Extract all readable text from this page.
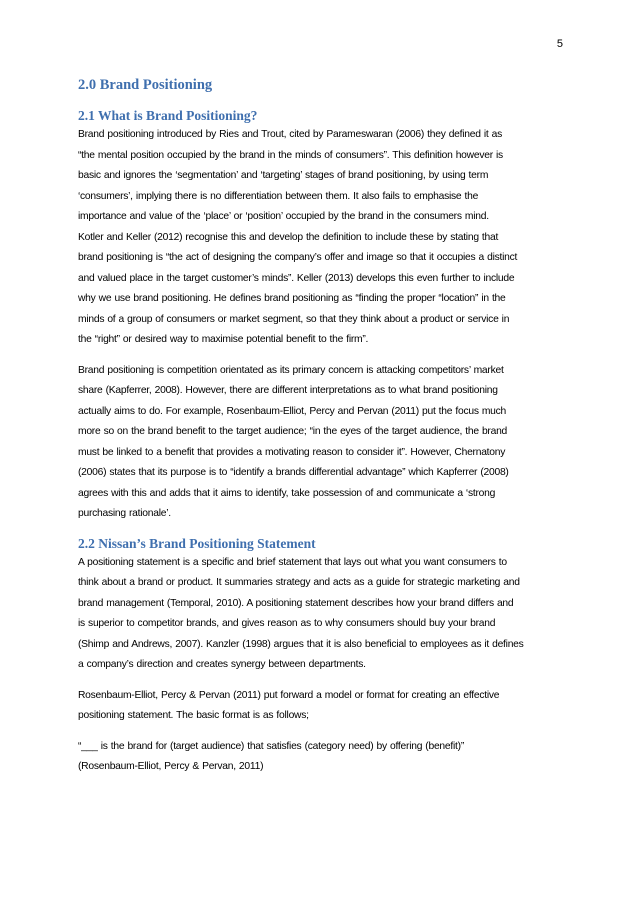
5
2.0 Brand Positioning
2.1 What is Brand Positioning?

Brand positioning introduced by Ries and Trout, cited by Parameswaran (2006) they defined it as

“the mental position occupied by the brand in the minds of consumers”. This definition however is

basic and ignores the ‘segmentation’ and ‘targeting’ stages of brand positioning, by using term

‘consumers’, implying there is no differentiation between them. It also fails to emphasise the

importance and value of the ‘place’ or ‘position’ occupied by the brand in the consumers mind.

Kotler and Keller (2012) recognise this and develop the definition to include these by stating that

brand positioning is “the act of designing the company’s offer and image so that it occupies a distinct

and valued place in the target customer’s minds”. Keller (2013) develops this even further to include

why we use brand positioning. He defines brand positioning as “finding the proper “location” in the

minds of a group of consumers or market segment, so that they think about a product or service in

the “right” or desired way to maximise potential benefit to the firm”.

Brand positioning is competition orientated as its primary concern is attacking competitors’ market

share (Kapferrer, 2008). However, there are different interpretations as to what brand positioning

actually aims to do. For example, Rosenbaum-Elliot, Percy and Pervan (2011) put the focus much

more so on the brand benefit to the target audience; “in the eyes of the target audience, the brand

must be linked to a benefit that provides a motivating reason to consider it”. However, Chernatony

(2006) states that its purpose is to “identify a brands differential advantage” which Kapferrer (2008)

agrees with this and adds that it aims to identify, take possession of and communicate a ‘strong

purchasing rationale’.

2.2 Nissan’s Brand Positioning Statement

A positioning statement is a specific and brief statement that lays out what you want consumers to

think about a brand or product. It summaries strategy and acts as a guide for strategic marketing and

brand management (Temporal, 2010). A positioning statement describes how your brand differs and

is superior to competitor brands, and gives reason as to why consumers should buy your brand

(Shimp and Andrews, 2007). Kanzler (1998) argues that it is also beneficial to employees as it defines

a company’s direction and creates synergy between departments.

Rosenbaum-Elliot, Percy & Pervan (2011) put forward a model or format for creating an effective

positioning statement. The basic format is as follows;

“___ is the brand for (target audience) that satisfies (category need) by offering (benefit)”

(Rosenbaum-Elliot, Percy & Pervan, 2011)
